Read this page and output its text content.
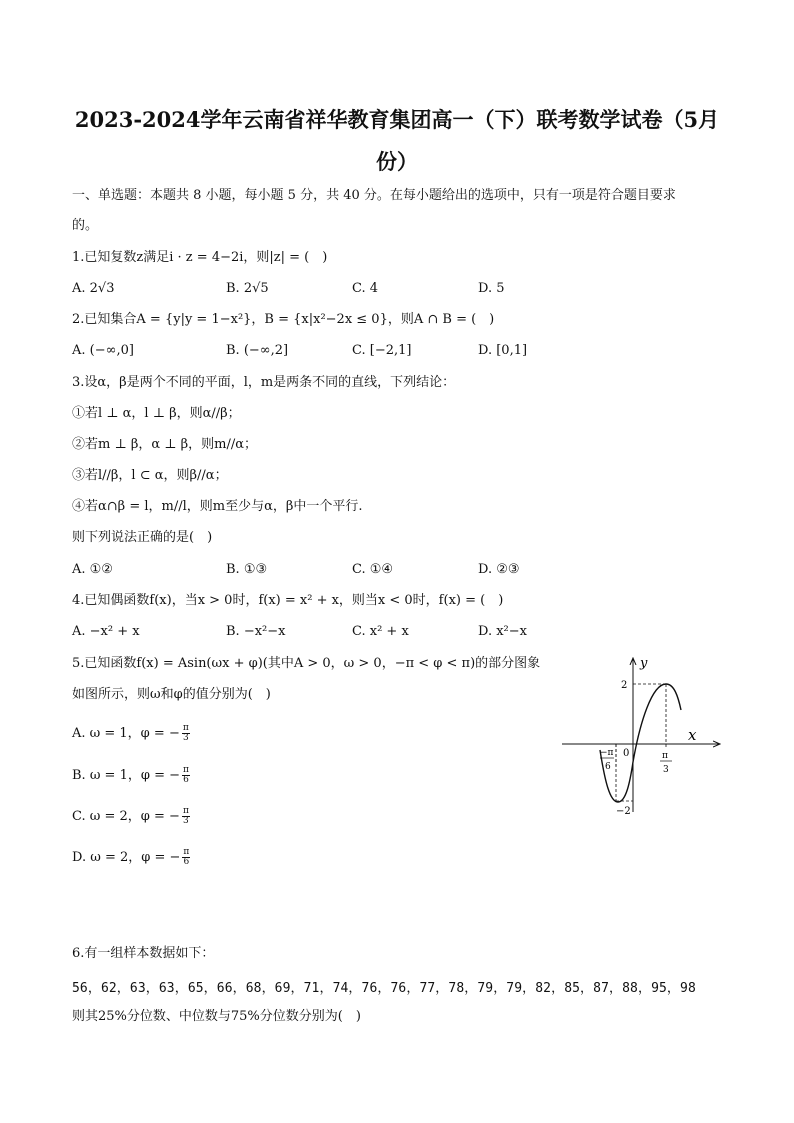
2023-2024学年云南省祥华教育集团高一（下）联考数学试卷（5月
份）
一、单选题：本题共 8 小题，每小题 5 分，共 40 分。在每小题给出的选项中，只有一项是符合题目要求
的。
1.已知复数z满足i · z = 4−2i，则|z| = (　)
A. 2√3	B. 2√5	C. 4	D. 5
2.已知集合A = {y|y = 1−x²}，B = {x|x²−2x ≤ 0}，则A ∩ B = (　)
A. (−∞,0]	B. (−∞,2]	C. [−2,1]	D. [0,1]
3.设α，β是两个不同的平面，l，m是两条不同的直线，下列结论：
①若l ⊥ α，l ⊥ β，则α//β；
②若m ⊥ β，α ⊥ β，则m//α；
③若l//β，l ⊂ α，则β//α；
④若α∩β = l，m//l，则m至少与α，β中一个平行.
则下列说法正确的是(　)
A. ①②	B. ①③	C. ①④	D. ②③
4.已知偶函数f(x)，当x > 0时，f(x) = x² + x，则当x < 0时，f(x) = (　)
A. −x² + x	B. −x²−x	C. x² + x	D. x²−x
5.已知函数f(x) = Asin(ωx + φ)(其中A > 0，ω > 0，−π < φ < π)的部分图象
如图所示，则ω和φ的值分别为(　)
A. ω = 1，φ = − $\frac{\pi}{3}$
B. ω = 1，φ = − $\frac{\pi}{6}$
C. ω = 2，φ = − $\frac{\pi}{3}$
D. ω = 2，φ = − $\frac{\pi}{6}$
y
x
2
−2
0
−π
6
π
3
6.有一组样本数据如下：
56，62，63，63，65，66，68，69，71，74，76，76，77，78，79，79，82，85，87，88，95，98
则其25%分位数、中位数与75%分位数分别为(　)
